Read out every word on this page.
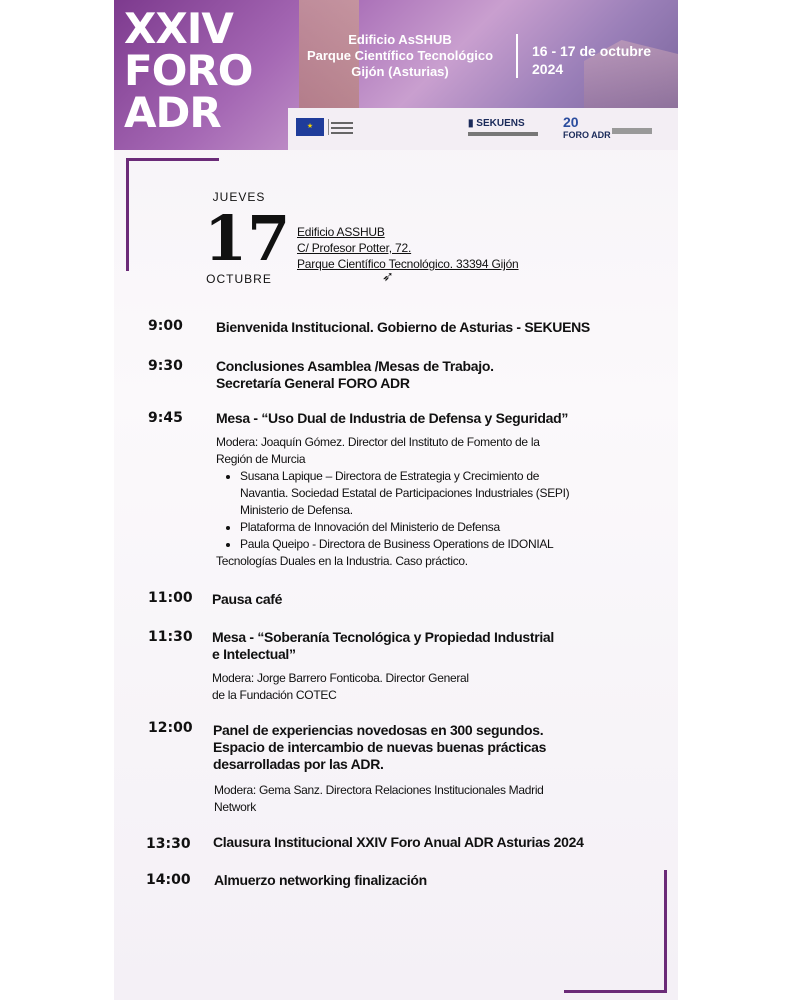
XXIV
FORO
ADR
Edificio AsSHUB
Parque Científico Tecnológico
Gijón (Asturias)
16 - 17 de octubre
2024
★	▮ SEKUENS	20
FORO ADR
JUEVES
17
OCTUBRE
Edificio ASSHUB
C/ Profesor Potter, 72.
Parque Científico Tecnológico. 33394 Gijón
➶
9:00 Bienvenida Institucional. Gobierno de Asturias - SEKUENS
9:30 Conclusiones Asamblea /Mesas de Trabajo.
Secretaría General FORO ADR
9:45 Mesa - “Uso Dual de Industria de Defensa y Seguridad”
Modera: Joaquín Gómez. Director del Instituto de Fomento de la
Región de Murcia
• Susana Lapique – Directora de Estrategia y Crecimiento de
Navantia. Sociedad Estatal de Participaciones Industriales (SEPI)
Ministerio de Defensa.
• Plataforma de Innovación del Ministerio de Defensa
• Paula Queipo - Directora de Business Operations de IDONIAL
Tecnologías Duales en la Industria. Caso práctico.
11:00 Pausa café
11:30 Mesa - “Soberanía Tecnológica y Propiedad Industrial
e Intelectual”
Modera: Jorge Barrero Fonticoba. Director General
de la Fundación COTEC
12:00 Panel de experiencias novedosas en 300 segundos.
Espacio de intercambio de nuevas buenas prácticas
desarrolladas por las ADR.
Modera: Gema Sanz. Directora Relaciones Institucionales Madrid
Network
13:30 Clausura Institucional XXIV Foro Anual ADR Asturias 2024
14:00 Almuerzo networking finalización
